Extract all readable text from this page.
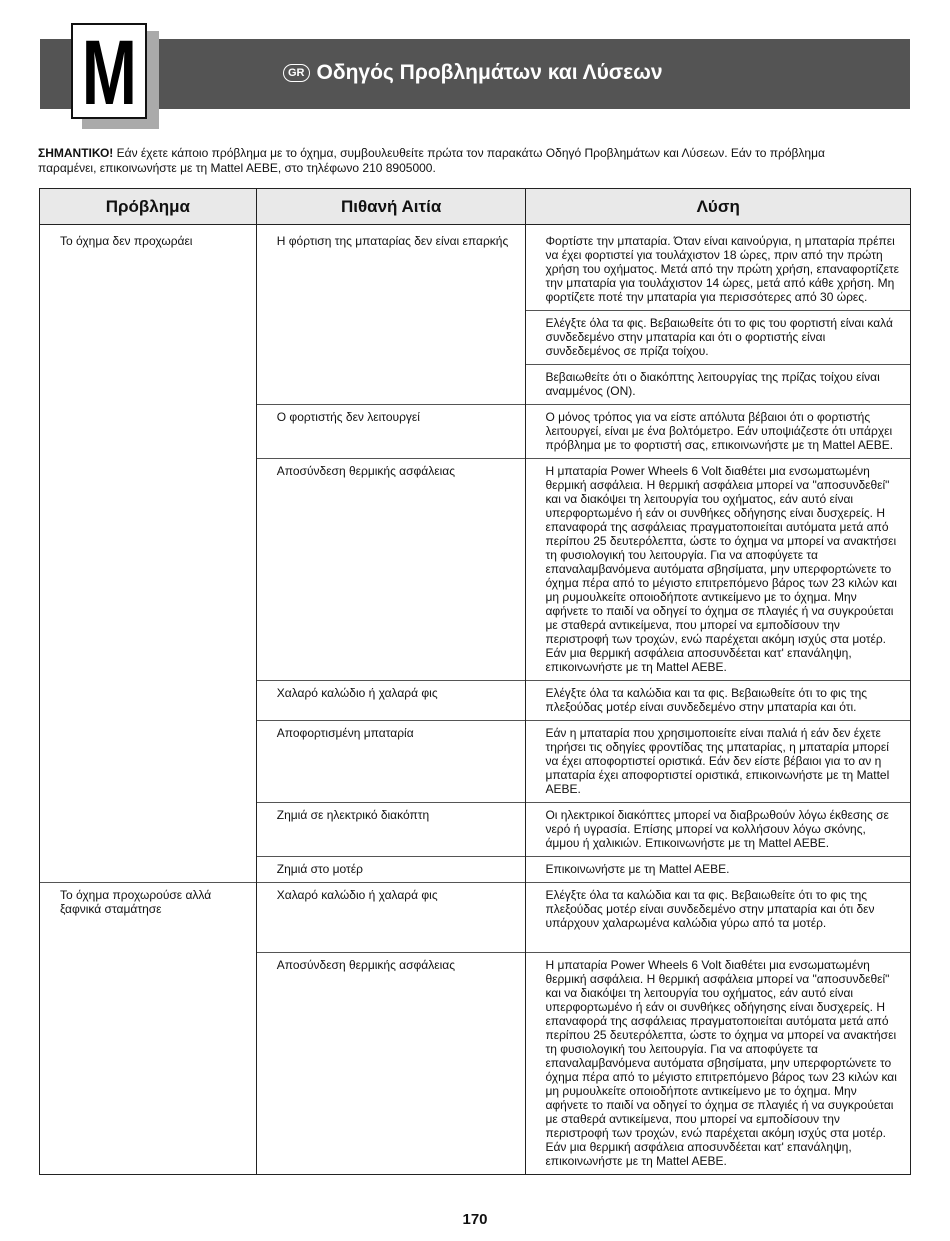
M	GR Οδηγός Προβλημάτων και Λύσεων
ΣΗΜΑΝΤΙΚΟ! Εάν έχετε κάποιο πρόβλημα με το όχημα, συμβουλευθείτε πρώτα τον παρακάτω Οδηγό Προβλημάτων και Λύσεων. Εάν το πρόβλημα
παραμένει, επικοινωνήστε με τη Mattel AEBE, στο τηλέφωνο 210 8905000.
Πρόβλημα	Πιθανή Αιτία	Λύση
Το όχημα δεν προχωράει	Η φόρτιση της μπαταρίας δεν είναι επαρκής	Φορτίστε την μπαταρία. Όταν είναι καινούργια, η μπαταρία πρέπει να έχει φορτιστεί για τουλάχιστον 18 ώρες, πριν από την πρώτη χρήση του οχήματος. Μετά από την πρώτη χρήση, επαναφορτίζετε την μπαταρία για τουλάχιστον 14 ώρες, μετά από κάθε χρήση. Μη φορτίζετε ποτέ την μπαταρία για περισσότερες από 30 ώρες.
		Ελέγξτε όλα τα φις. Βεβαιωθείτε ότι το φις του φορτιστή είναι καλά συνδεδεμένο στην μπαταρία και ότι ο φορτιστής είναι συνδεδεμένος σε πρίζα τοίχου.
		Βεβαιωθείτε ότι ο διακόπτης λειτουργίας της πρίζας τοίχου είναι αναμμένος (ON).
	Ο φορτιστής δεν λειτουργεί	Ο μόνος τρόπος για να είστε απόλυτα βέβαιοι ότι ο φορτιστής λειτουργεί, είναι με ένα βολτόμετρο. Εάν υποψιάζεστε ότι υπάρχει πρόβλημα με το φορτιστή σας, επικοινωνήστε με τη Mattel AEBE.
	Αποσύνδεση θερμικής ασφάλειας	Η μπαταρία Power Wheels 6 Volt διαθέτει μια ενσωματωμένη θερμική ασφάλεια. Η θερμική ασφάλεια μπορεί να "αποσυνδεθεί" και να διακόψει τη λειτουργία του οχήματος, εάν αυτό είναι υπερφορτωμένο ή εάν οι συνθήκες οδήγησης είναι δυσχερείς. Η επαναφορά της ασφάλειας πραγματοποιείται αυτόματα μετά από περίπου 25 δευτερόλεπτα, ώστε το όχημα να μπορεί να ανακτήσει τη φυσιολογική του λειτουργία. Για να αποφύγετε τα επαναλαμβανόμενα αυτόματα σβησίματα, μην υπερφορτώνετε το όχημα πέρα από το μέγιστο επιτρεπόμενο βάρος των 23 κιλών και μη ρυμουλκείτε οποιοδήποτε αντικείμενο με το όχημα. Μην αφήνετε το παιδί να οδηγεί το όχημα σε πλαγιές ή να συγκρούεται με σταθερά αντικείμενα, που μπορεί να εμποδίσουν την περιστροφή των τροχών, ενώ παρέχεται ακόμη ισχύς στα μοτέρ. Εάν μια θερμική ασφάλεια αποσυνδέεται κατ' επανάληψη, επικοινωνήστε με τη Mattel AEBE.
	Χαλαρό καλώδιο ή χαλαρά φις	Ελέγξτε όλα τα καλώδια και τα φις. Βεβαιωθείτε ότι το φις της πλεξούδας μοτέρ είναι συνδεδεμένο στην μπαταρία και ότι.
	Αποφορτισμένη μπαταρία	Εάν η μπαταρία που χρησιμοποιείτε είναι παλιά ή εάν δεν έχετε τηρήσει τις οδηγίες φροντίδας της μπαταρίας, η μπαταρία μπορεί να έχει αποφορτιστεί οριστικά. Εάν δεν είστε βέβαιοι για το αν η μπαταρία έχει αποφορτιστεί οριστικά, επικοινωνήστε με τη Mattel AEBE.
	Ζημιά σε ηλεκτρικό διακόπτη	Οι ηλεκτρικοί διακόπτες μπορεί να διαβρωθούν λόγω έκθεσης σε νερό ή υγρασία. Επίσης μπορεί να κολλήσουν λόγω σκόνης, άμμου ή χαλικιών. Επικοινωνήστε με τη Mattel AEBE.
	Ζημιά στο μοτέρ	Επικοινωνήστε με τη Mattel AEBE.
Το όχημα προχωρούσε αλλά ξαφνικά σταμάτησε	Χαλαρό καλώδιο ή χαλαρά φις	Ελέγξτε όλα τα καλώδια και τα φις. Βεβαιωθείτε ότι το φις της πλεξούδας μοτέρ είναι συνδεδεμένο στην μπαταρία και ότι δεν υπάρχουν χαλαρωμένα καλώδια γύρω από τα μοτέρ.
	Αποσύνδεση θερμικής ασφάλειας	Η μπαταρία Power Wheels 6 Volt διαθέτει μια ενσωματωμένη θερμική ασφάλεια. Η θερμική ασφάλεια μπορεί να "αποσυνδεθεί" και να διακόψει τη λειτουργία του οχήματος, εάν αυτό είναι υπερφορτωμένο ή εάν οι συνθήκες οδήγησης είναι δυσχερείς. Η επαναφορά της ασφάλειας πραγματοποιείται αυτόματα μετά από περίπου 25 δευτερόλεπτα, ώστε το όχημα να μπορεί να ανακτήσει τη φυσιολογική του λειτουργία. Για να αποφύγετε τα επαναλαμβανόμενα αυτόματα σβησίματα, μην υπερφορτώνετε το όχημα πέρα από το μέγιστο επιτρεπόμενο βάρος των 23 κιλών και μη ρυμουλκείτε οποιοδήποτε αντικείμενο με το όχημα. Μην αφήνετε το παιδί να οδηγεί το όχημα σε πλαγιές ή να συγκρούεται με σταθερά αντικείμενα, που μπορεί να εμποδίσουν την περιστροφή των τροχών, ενώ παρέχεται ακόμη ισχύς στα μοτέρ. Εάν μια θερμική ασφάλεια αποσυνδέεται κατ' επανάληψη, επικοινωνήστε με τη Mattel AEBE.
170
